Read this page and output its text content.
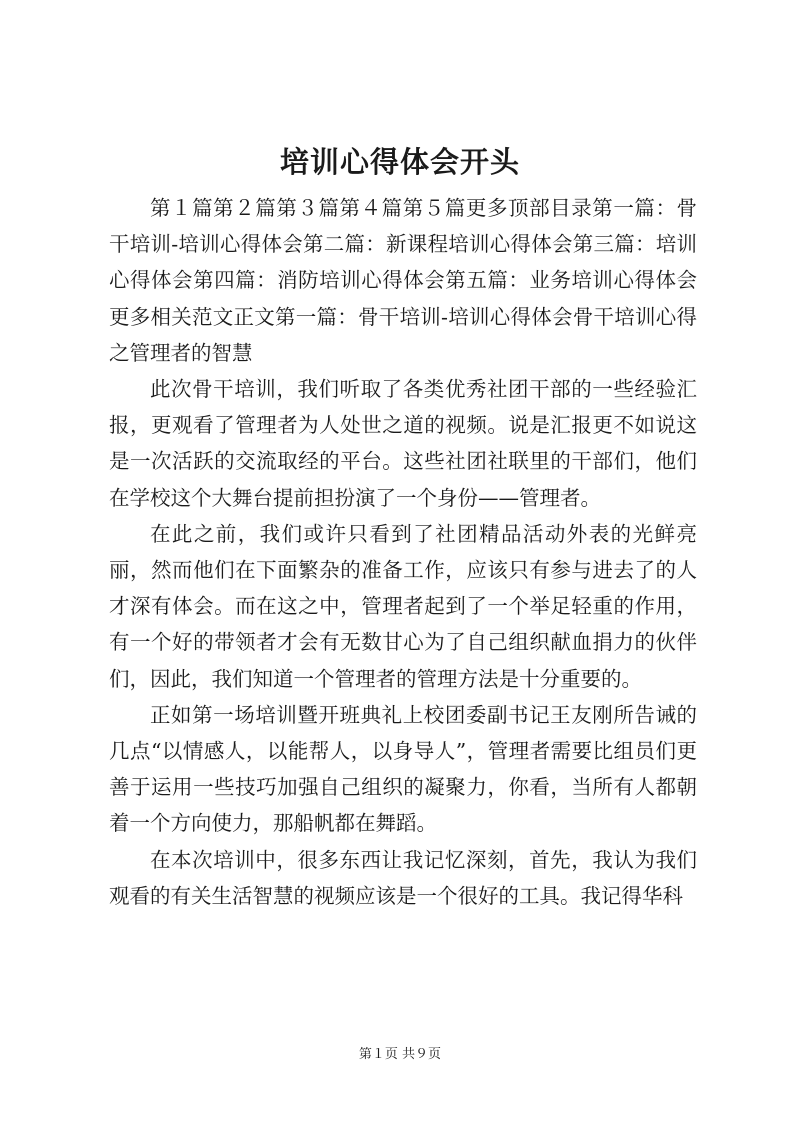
培训心得体会开头

第１篇第２篇第３篇第４篇第５篇更多顶部目录第一篇：骨干培训-培训心得体会第二篇：新课程培训心得体会第三篇：培训心得体会第四篇：消防培训心得体会第五篇：业务培训心得体会更多相关范文正文第一篇：骨干培训-培训心得体会骨干培训心得之管理者的智慧

此次骨干培训，我们听取了各类优秀社团干部的一些经验汇报，更观看了管理者为人处世之道的视频。说是汇报更不如说这是一次活跃的交流取经的平台。这些社团社联里的干部们，他们在学校这个大舞台提前担扮演了一个身份——管理者。

在此之前，我们或许只看到了社团精品活动外表的光鲜亮丽，然而他们在下面繁杂的准备工作，应该只有参与进去了的人才深有体会。而在这之中，管理者起到了一个举足轻重的作用，有一个好的带领者才会有无数甘心为了自己组织献血捐力的伙伴们，因此，我们知道一个管理者的管理方法是十分重要的。

正如第一场培训暨开班典礼上校团委副书记王友刚所告诫的几点“以情感人，以能帮人，以身导人”，管理者需要比组员们更善于运用一些技巧加强自己组织的凝聚力，你看，当所有人都朝着一个方向使力，那船帆都在舞蹈。

在本次培训中，很多东西让我记忆深刻，首先，我认为我们观看的有关生活智慧的视频应该是一个很好的工具。我记得华科

第１页 共９页
